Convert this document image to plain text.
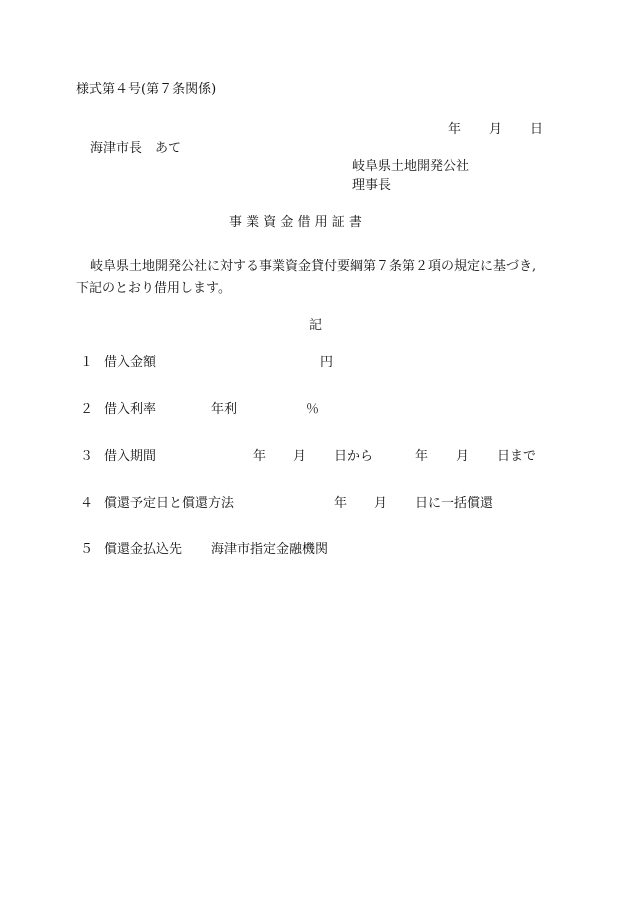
様式第４号(第７条関係)
年 月 日
海津市長　あて
岐阜県土地開発公社
理事長
事 業 資 金 借 用 証 書
岐阜県土地開発公社に対する事業資金貸付要綱第７条第２項の規定に基づき,
下記のとおり借用します。
記
１ 借入金額	円
２ 借入利率	年利	％
３ 借入期間	年 月 日から	年 月 日まで
４ 償還予定日と償還方法	年 月 日に一括償還
５ 償還金払込先 海津市指定金融機関
